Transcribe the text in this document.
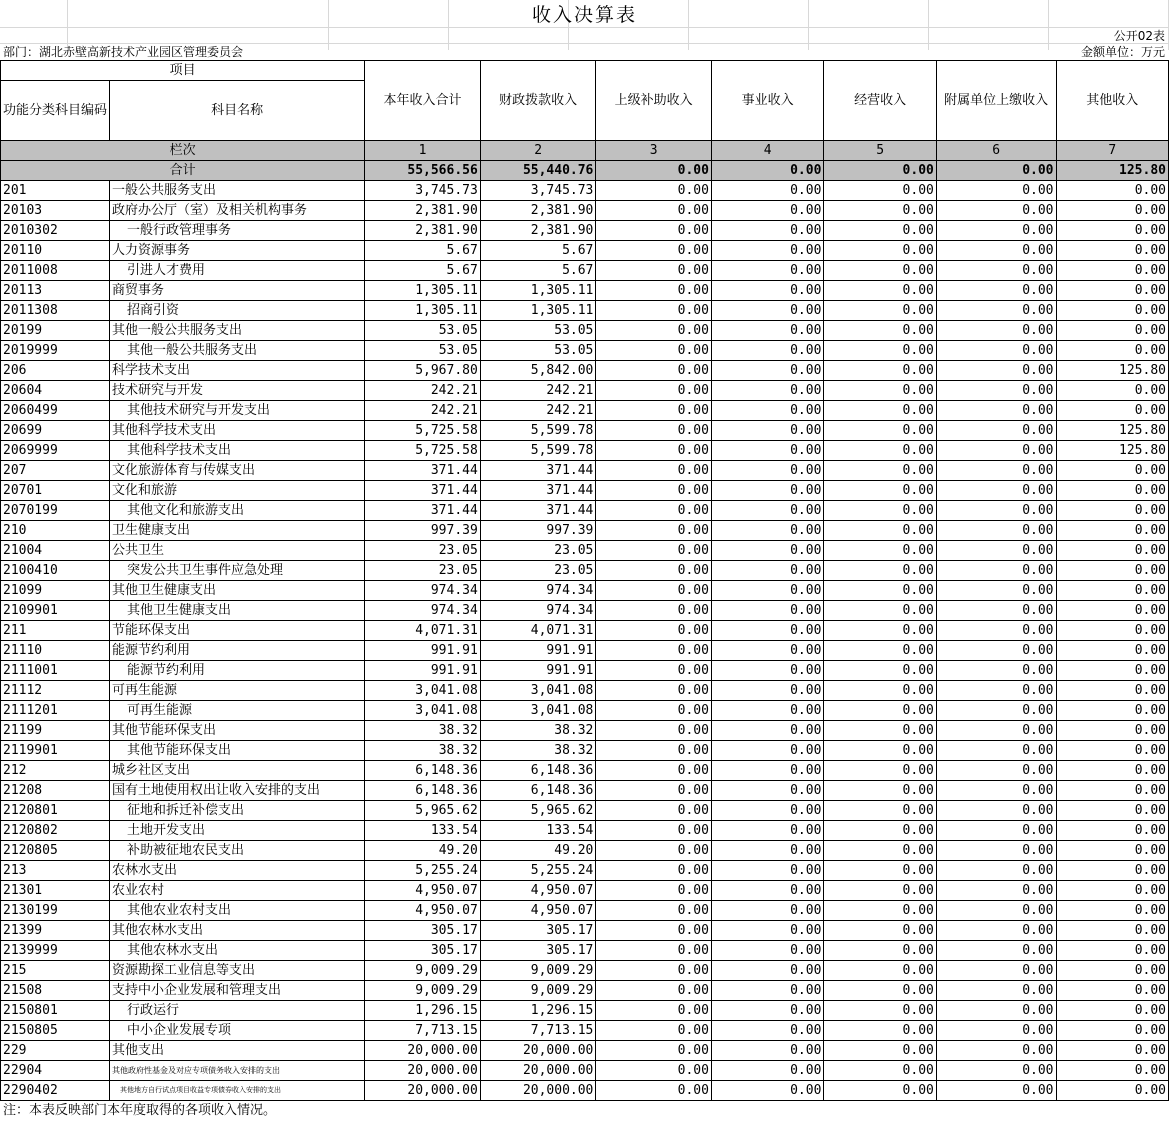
收入决算表
公开02表
部门：湖北赤壁高新技术产业园区管理委员会	金额单位：万元
项目		本年收入合计	财政拨款收入	上级补助收入	事业收入	经营收入	附属单位上缴收入	其他收入
功能分类科目编码	科目名称							
栏次		1	2	3	4	5	6	7
合计		55,566.56	55,440.76	0.00	0.00	0.00	0.00	125.80
201	一般公共服务支出	3,745.73	3,745.73	0.00	0.00	0.00	0.00	0.00
20103	政府办公厅（室）及相关机构事务	2,381.90	2,381.90	0.00	0.00	0.00	0.00	0.00
2010302	一般行政管理事务	2,381.90	2,381.90	0.00	0.00	0.00	0.00	0.00
20110	人力资源事务	5.67	5.67	0.00	0.00	0.00	0.00	0.00
2011008	引进人才费用	5.67	5.67	0.00	0.00	0.00	0.00	0.00
20113	商贸事务	1,305.11	1,305.11	0.00	0.00	0.00	0.00	0.00
2011308	招商引资	1,305.11	1,305.11	0.00	0.00	0.00	0.00	0.00
20199	其他一般公共服务支出	53.05	53.05	0.00	0.00	0.00	0.00	0.00
2019999	其他一般公共服务支出	53.05	53.05	0.00	0.00	0.00	0.00	0.00
206	科学技术支出	5,967.80	5,842.00	0.00	0.00	0.00	0.00	125.80
20604	技术研究与开发	242.21	242.21	0.00	0.00	0.00	0.00	0.00
2060499	其他技术研究与开发支出	242.21	242.21	0.00	0.00	0.00	0.00	0.00
20699	其他科学技术支出	5,725.58	5,599.78	0.00	0.00	0.00	0.00	125.80
2069999	其他科学技术支出	5,725.58	5,599.78	0.00	0.00	0.00	0.00	125.80
207	文化旅游体育与传媒支出	371.44	371.44	0.00	0.00	0.00	0.00	0.00
20701	文化和旅游	371.44	371.44	0.00	0.00	0.00	0.00	0.00
2070199	其他文化和旅游支出	371.44	371.44	0.00	0.00	0.00	0.00	0.00
210	卫生健康支出	997.39	997.39	0.00	0.00	0.00	0.00	0.00
21004	公共卫生	23.05	23.05	0.00	0.00	0.00	0.00	0.00
2100410	突发公共卫生事件应急处理	23.05	23.05	0.00	0.00	0.00	0.00	0.00
21099	其他卫生健康支出	974.34	974.34	0.00	0.00	0.00	0.00	0.00
2109901	其他卫生健康支出	974.34	974.34	0.00	0.00	0.00	0.00	0.00
211	节能环保支出	4,071.31	4,071.31	0.00	0.00	0.00	0.00	0.00
21110	能源节约利用	991.91	991.91	0.00	0.00	0.00	0.00	0.00
2111001	能源节约利用	991.91	991.91	0.00	0.00	0.00	0.00	0.00
21112	可再生能源	3,041.08	3,041.08	0.00	0.00	0.00	0.00	0.00
2111201	可再生能源	3,041.08	3,041.08	0.00	0.00	0.00	0.00	0.00
21199	其他节能环保支出	38.32	38.32	0.00	0.00	0.00	0.00	0.00
2119901	其他节能环保支出	38.32	38.32	0.00	0.00	0.00	0.00	0.00
212	城乡社区支出	6,148.36	6,148.36	0.00	0.00	0.00	0.00	0.00
21208	国有土地使用权出让收入安排的支出	6,148.36	6,148.36	0.00	0.00	0.00	0.00	0.00
2120801	征地和拆迁补偿支出	5,965.62	5,965.62	0.00	0.00	0.00	0.00	0.00
2120802	土地开发支出	133.54	133.54	0.00	0.00	0.00	0.00	0.00
2120805	补助被征地农民支出	49.20	49.20	0.00	0.00	0.00	0.00	0.00
213	农林水支出	5,255.24	5,255.24	0.00	0.00	0.00	0.00	0.00
21301	农业农村	4,950.07	4,950.07	0.00	0.00	0.00	0.00	0.00
2130199	其他农业农村支出	4,950.07	4,950.07	0.00	0.00	0.00	0.00	0.00
21399	其他农林水支出	305.17	305.17	0.00	0.00	0.00	0.00	0.00
2139999	其他农林水支出	305.17	305.17	0.00	0.00	0.00	0.00	0.00
215	资源勘探工业信息等支出	9,009.29	9,009.29	0.00	0.00	0.00	0.00	0.00
21508	支持中小企业发展和管理支出	9,009.29	9,009.29	0.00	0.00	0.00	0.00	0.00
2150801	行政运行	1,296.15	1,296.15	0.00	0.00	0.00	0.00	0.00
2150805	中小企业发展专项	7,713.15	7,713.15	0.00	0.00	0.00	0.00	0.00
229	其他支出	20,000.00	20,000.00	0.00	0.00	0.00	0.00	0.00
22904	其他政府性基金及对应专项债务收入安排的支出	20,000.00	20,000.00	0.00	0.00	0.00	0.00	0.00
2290402	其他地方自行试点项目收益专项债券收入安排的支出	20,000.00	20,000.00	0.00	0.00	0.00	0.00	0.00
注：本表反映部门本年度取得的各项收入情况。
